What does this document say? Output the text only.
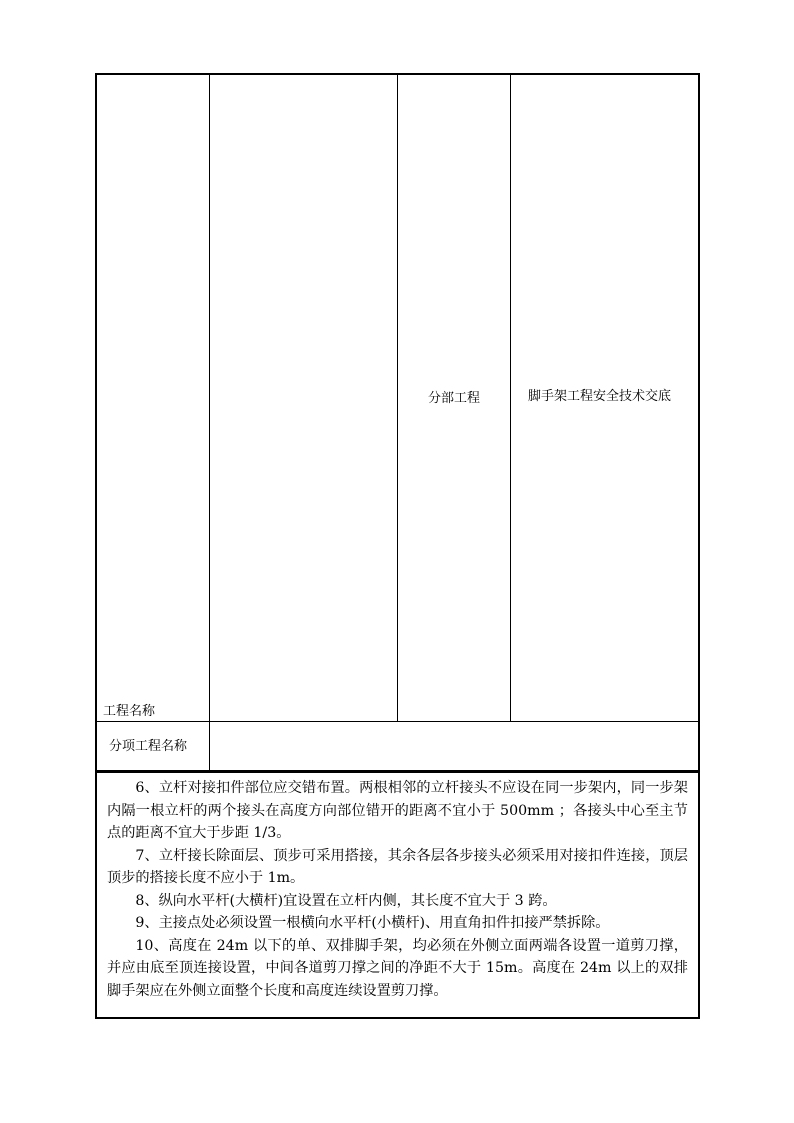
工程名称
分部工程	脚手架工程安全技术交底
分项工程名称

6、立杆对接扣件部位应交错布置。两根相邻的立杆接头不应设在同一步架内，同一步架内隔一根立杆的两个接头在高度方向部位错开的距离不宜小于 500mm ；各接头中心至主节点的距离不宜大于步距 1/3。

7、立杆接长除面层、顶步可采用搭接，其余各层各步接头必须采用对接扣件连接，顶层顶步的搭接长度不应小于 1m。

8、纵向水平杆(大横杆)宜设置在立杆内侧，其长度不宜大于 3 跨。

9、主接点处必须设置一根横向水平杆(小横杆)、用直角扣件扣接严禁拆除。

10、高度在 24m 以下的单、双排脚手架，均必须在外侧立面两端各设置一道剪刀撑，并应由底至顶连接设置，中间各道剪刀撑之间的净距不大于 15m。高度在 24m 以上的双排脚手架应在外侧立面整个长度和高度连续设置剪刀撑。
